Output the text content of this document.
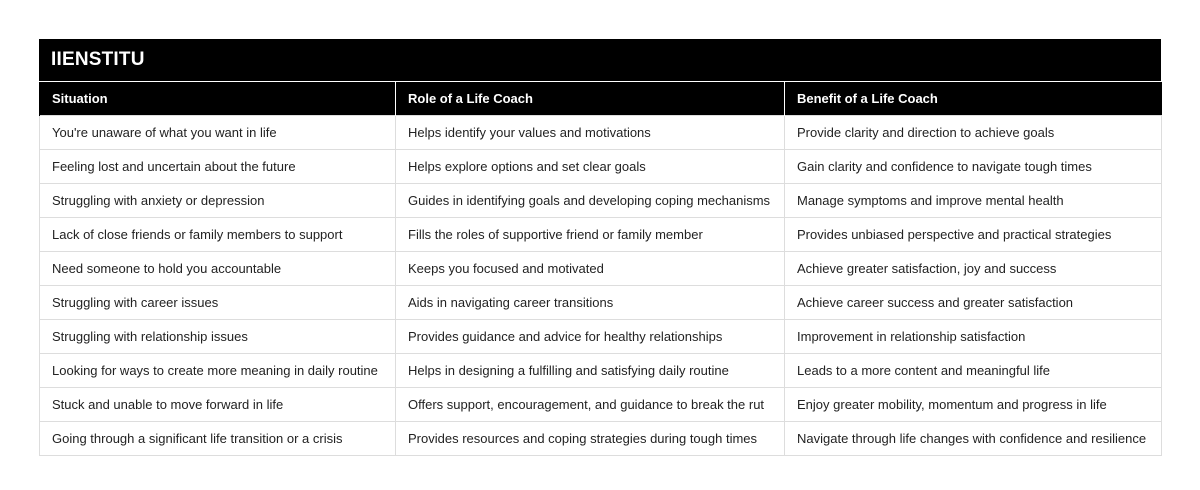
IIENSTITU
Situation	Role of a Life Coach	Benefit of a Life Coach
You're unaware of what you want in life	Helps identify your values and motivations	Provide clarity and direction to achieve goals
Feeling lost and uncertain about the future	Helps explore options and set clear goals	Gain clarity and confidence to navigate tough times
Struggling with anxiety or depression	Guides in identifying goals and developing coping mechanisms	Manage symptoms and improve mental health
Lack of close friends or family members to support	Fills the roles of supportive friend or family member	Provides unbiased perspective and practical strategies
Need someone to hold you accountable	Keeps you focused and motivated	Achieve greater satisfaction, joy and success
Struggling with career issues	Aids in navigating career transitions	Achieve career success and greater satisfaction
Struggling with relationship issues	Provides guidance and advice for healthy relationships	Improvement in relationship satisfaction
Looking for ways to create more meaning in daily routine	Helps in designing a fulfilling and satisfying daily routine	Leads to a more content and meaningful life
Stuck and unable to move forward in life	Offers support, encouragement, and guidance to break the rut	Enjoy greater mobility, momentum and progress in life
Going through a significant life transition or a crisis	Provides resources and coping strategies during tough times	Navigate through life changes with confidence and resilience
